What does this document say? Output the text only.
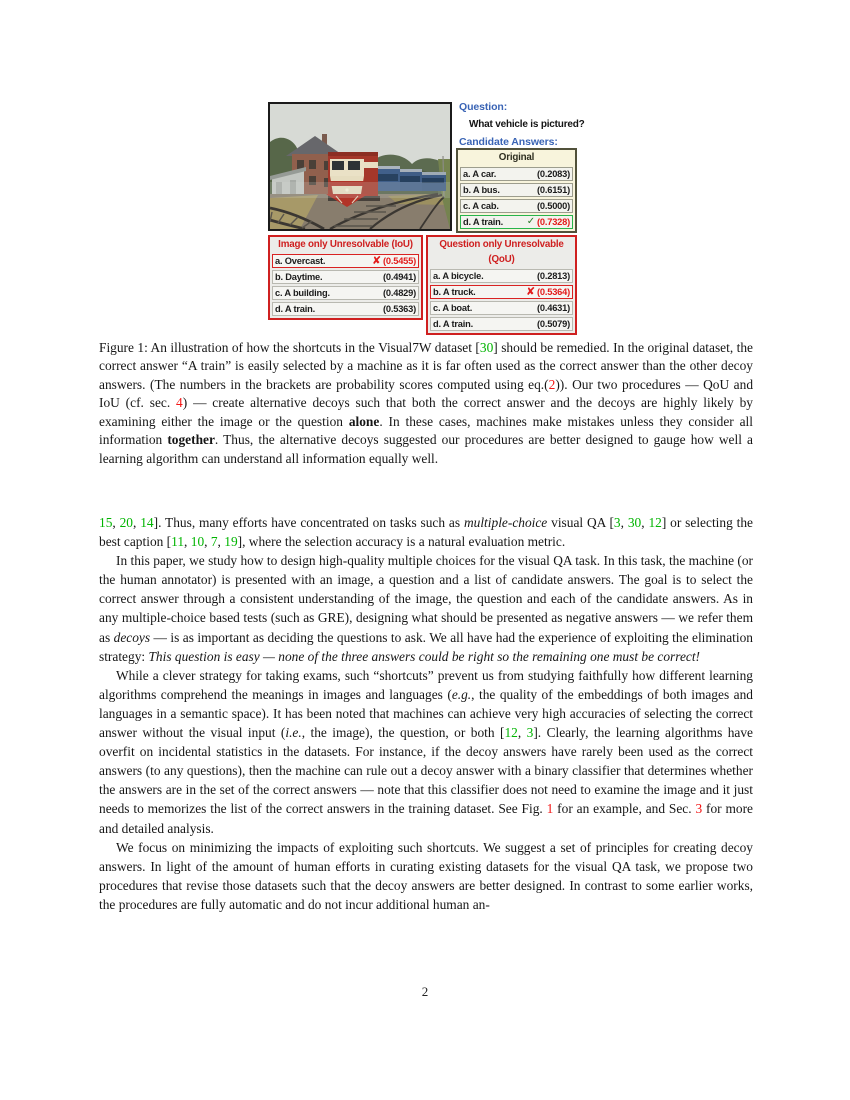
Question:
What vehicle is pictured?
Candidate Answers:
Original
a. A car.	(0.2083)
b. A bus.	(0.6151)
c. A cab.	(0.5000)
d. A train. ✓ (0.7328)
Image only Unresolvable (IoU)
a. Overcast.	✘ (0.5455)
b. Daytime.	(0.4941)
c. A building.	(0.4829)
d. A train.	(0.5363)
Question only Unresolvable (QoU)
a. A bicycle.	(0.2813)
b. A truck.	✘ (0.5364)
c. A boat.	(0.4631)
d. A train.	(0.5079)
Figure 1: An illustration of how the shortcuts in the Visual7W dataset [30] should be remedied. In the original dataset, the correct answer “A train” is easily selected by a machine as it is far often used as the correct answer than the other decoy answers. (The numbers in the brackets are probability scores computed using eq.(2)). Our two procedures — QoU and IoU (cf. sec. 4) — create alternative decoys such that both the correct answer and the decoys are highly likely by examining either the image or the question alone. In these cases, machines make mistakes unless they consider all information together. Thus, the alternative decoys suggested our procedures are better designed to gauge how well a learning algorithm can understand all information equally well.

15, 20, 14]. Thus, many efforts have concentrated on tasks such as multiple-choice visual QA [3, 30, 12] or selecting the best caption [11, 10, 7, 19], where the selection accuracy is a natural evaluation metric.

In this paper, we study how to design high-quality multiple choices for the visual QA task. In this task, the machine (or the human annotator) is presented with an image, a question and a list of candidate answers. The goal is to select the correct answer through a consistent understanding of the image, the question and each of the candidate answers. As in any multiple-choice based tests (such as GRE), designing what should be presented as negative answers — we refer them as decoys — is as important as deciding the questions to ask. We all have had the experience of exploiting the elimination strategy: This question is easy — none of the three answers could be right so the remaining one must be correct!

While a clever strategy for taking exams, such “shortcuts” prevent us from studying faithfully how different learning algorithms comprehend the meanings in images and languages (e.g., the quality of the embeddings of both images and languages in a semantic space). It has been noted that machines can achieve very high accuracies of selecting the correct answer without the visual input (i.e., the image), the question, or both [12, 3]. Clearly, the learning algorithms have overfit on incidental statistics in the datasets. For instance, if the decoy answers have rarely been used as the correct answers (to any questions), then the machine can rule out a decoy answer with a binary classifier that determines whether the answers are in the set of the correct answers — note that this classifier does not need to examine the image and it just needs to memorizes the list of the correct answers in the training dataset. See Fig. 1 for an example, and Sec. 3 for more and detailed analysis.

We focus on minimizing the impacts of exploiting such shortcuts. We suggest a set of principles for creating decoy answers. In light of the amount of human efforts in curating existing datasets for the visual QA task, we propose two procedures that revise those datasets such that the decoy answers are better designed. In contrast to some earlier works, the procedures are fully automatic and do not incur additional human an-

2
